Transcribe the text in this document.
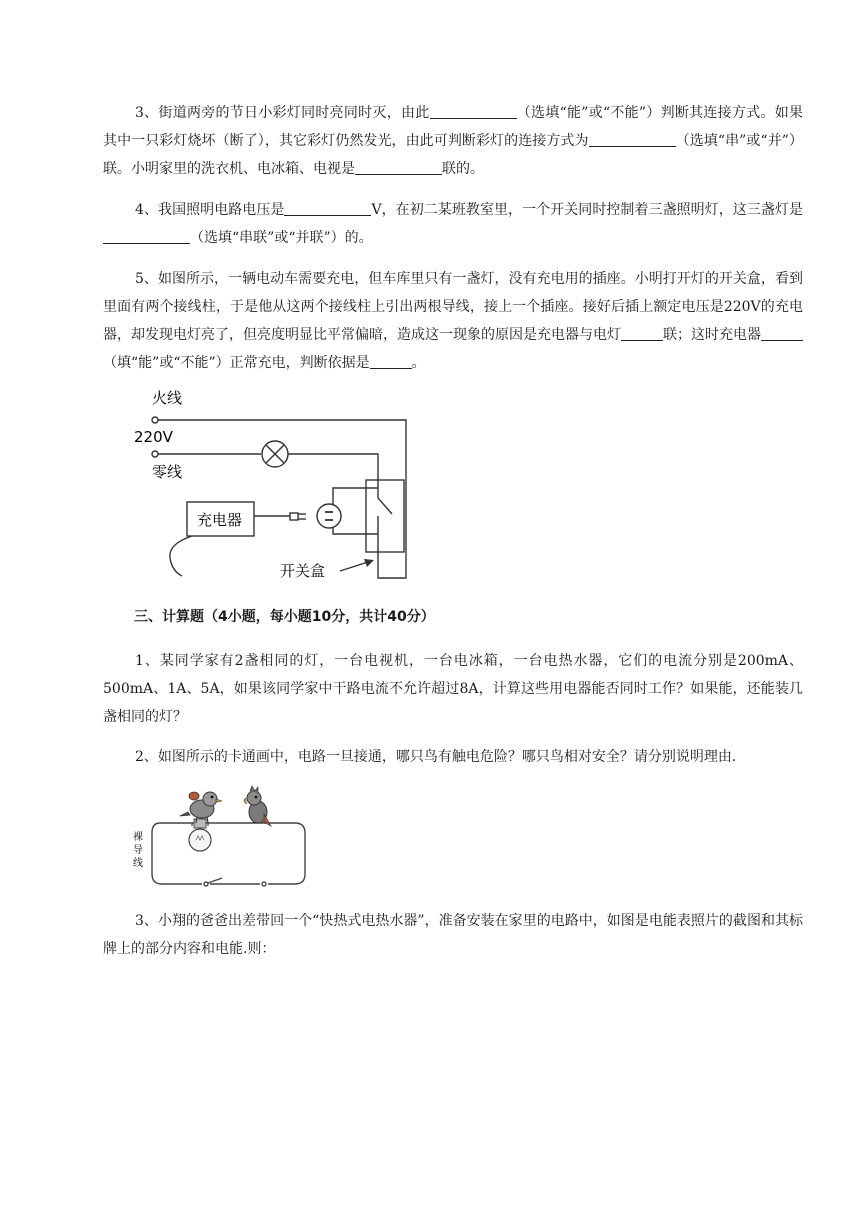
3、街道两旁的节日小彩灯同时亮同时灭，由此	（选填“能”或“不能”）判断其连接方式。如果其中一只彩灯烧坏（断了），其它彩灯仍然发光，由此可判断彩灯的连接方式为	（选填“串”或“并”）联。小明家里的洗衣机、电冰箱、电视是	联的。

4、我国照明电路电压是	V，在初二某班教室里，一个开关同时控制着三盏照明灯，这三盏灯是（选填“串联”或“并联”）的。

5、如图所示，一辆电动车需要充电，但车库里只有一盏灯，没有充电用的插座。小明打开灯的开关盒，看到里面有两个接线柱，于是他从这两个接线柱上引出两根导线，接上一个插座。接好后插上额定电压是220V的充电器，却发现电灯亮了，但亮度明显比平常偏暗，造成这一现象的原因是充电器与电灯	联；这时充电器（填“能”或“不能”）正常充电，判断依据是	。

火线
220V
零线
充电器
开关盒

三、计算题（4小题，每小题10分，共计40分）

1、某同学家有2盏相同的灯，一台电视机，一台电冰箱，一台电热水器，它们的电流分别是200mA、500mA、1A、5A，如果该同学家中干路电流不允许超过8A，计算这些用电器能否同时工作？如果能，还能装几盏相同的灯？

2、如图所示的卡通画中，电路一旦接通，哪只鸟有触电危险？哪只鸟相对安全？请分别说明理由.

裸
导
线

3、小翔的爸爸出差带回一个“快热式电热水器”，准备安装在家里的电路中，如图是电能表照片的截图和其标牌上的部分内容和电能.则：
